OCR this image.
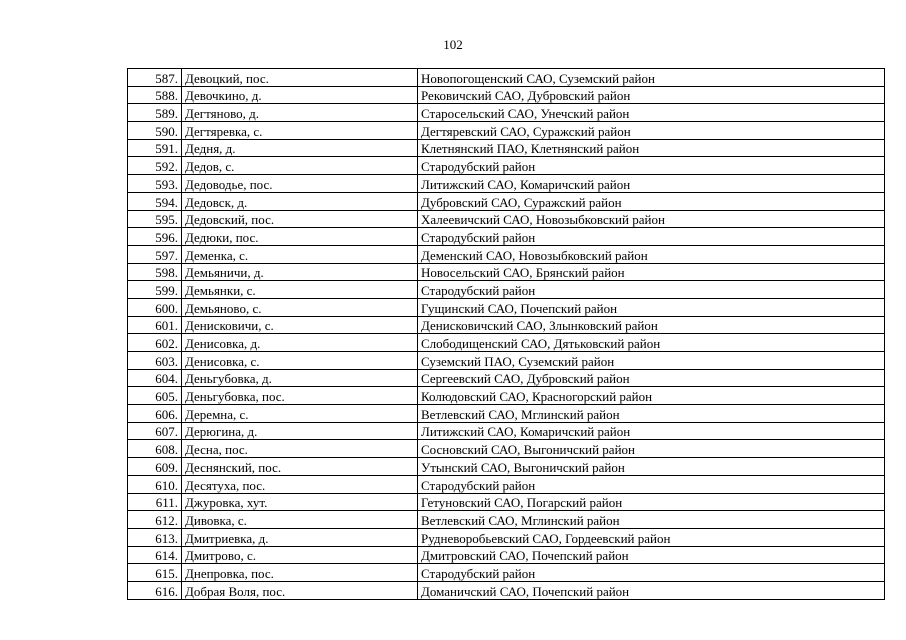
102
587.	Девоцкий, пос.	Новопогощенский САО, Суземский район
588.	Девочкино, д.	Рековичский САО, Дубровский район
589.	Дегтяново, д.	Старосельский САО, Унечский район
590.	Дегтяревка, с.	Дегтяревский САО, Суражский район
591.	Дедня, д.	Клетнянский ПАО, Клетнянский район
592.	Дедов, с.	Стародубский район
593.	Дедоводье, пос.	Литижский САО, Комаричский район
594.	Дедовск, д.	Дубровский САО, Суражский район
595.	Дедовский, пос.	Халеевичский САО, Новозыбковский район
596.	Дедюки, пос.	Стародубский район
597.	Деменка, с.	Деменский САО, Новозыбковский район
598.	Демьяничи, д.	Новосельский САО, Брянский район
599.	Демьянки, с.	Стародубский район
600.	Демьяново, с.	Гущинский САО, Почепский район
601.	Денисковичи, с.	Денисковичский САО, Злынковский район
602.	Денисовка, д.	Слободищенский САО, Дятьковский район
603.	Денисовка, с.	Суземский ПАО, Суземский район
604.	Деньгубовка, д.	Сергеевский САО, Дубровский район
605.	Деньгубовка, пос.	Колюдовский САО, Красногорский район
606.	Деремна, с.	Ветлевский САО, Мглинский район
607.	Дерюгина, д.	Литижский САО, Комаричский район
608.	Десна, пос.	Сосновский САО, Выгоничский район
609.	Деснянский, пос.	Утынский САО, Выгоничский район
610.	Десятуха, пос.	Стародубский район
611.	Джуровка, хут.	Гетуновский САО, Погарский район
612.	Дивовка, с.	Ветлевский САО, Мглинский район
613.	Дмитриевка, д.	Рудневоробьевский САО, Гордеевский район
614.	Дмитрово, с.	Дмитровский САО, Почепский район
615.	Днепровка, пос.	Стародубский район
616.	Добрая Воля, пос.	Доманичский САО, Почепский район
